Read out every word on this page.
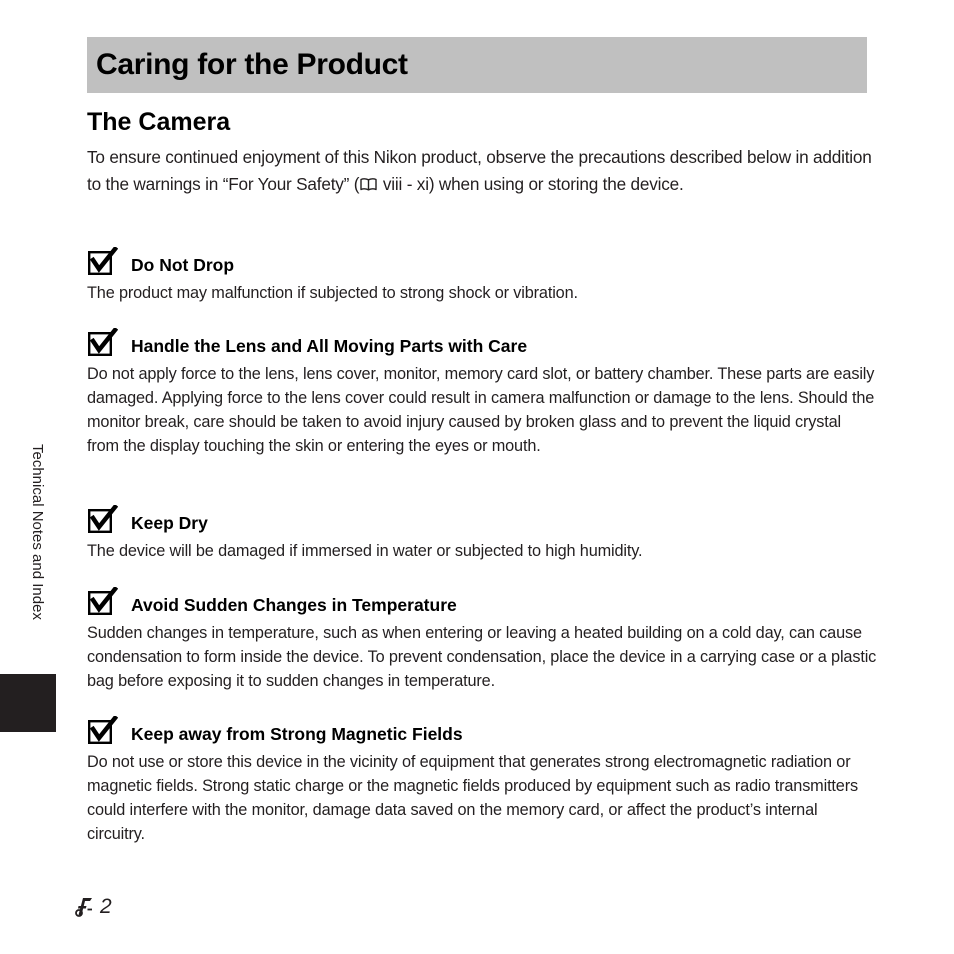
Caring for the Product
The Camera

To ensure continued enjoyment of this Nikon product, observe the precautions described below in addition to the warnings in “For Your Safety” ( viii - xi) when using or storing the device.

Do Not Drop

The product may malfunction if subjected to strong shock or vibration.

Handle the Lens and All Moving Parts with Care

Do not apply force to the lens, lens cover, monitor, memory card slot, or battery chamber. These parts are easily damaged. Applying force to the lens cover could result in camera malfunction or damage to the lens. Should the monitor break, care should be taken to avoid injury caused by broken glass and to prevent the liquid crystal from the display touching the skin or entering the eyes or mouth.

Keep Dry

The device will be damaged if immersed in water or subjected to high humidity.

Avoid Sudden Changes in Temperature

Sudden changes in temperature, such as when entering or leaving a heated building on a cold day, can cause condensation to form inside the device. To prevent condensation, place the device in a carrying case or a plastic bag before exposing it to sudden changes in temperature.

Keep away from Strong Magnetic Fields

Do not use or store this device in the vicinity of equipment that generates strong electromagnetic radiation or magnetic fields. Strong static charge or the magnetic fields produced by equipment such as radio transmitters could interfere with the monitor, damage data saved on the memory card, or affect the product’s internal circuitry.

Technical Notes and Index
2
